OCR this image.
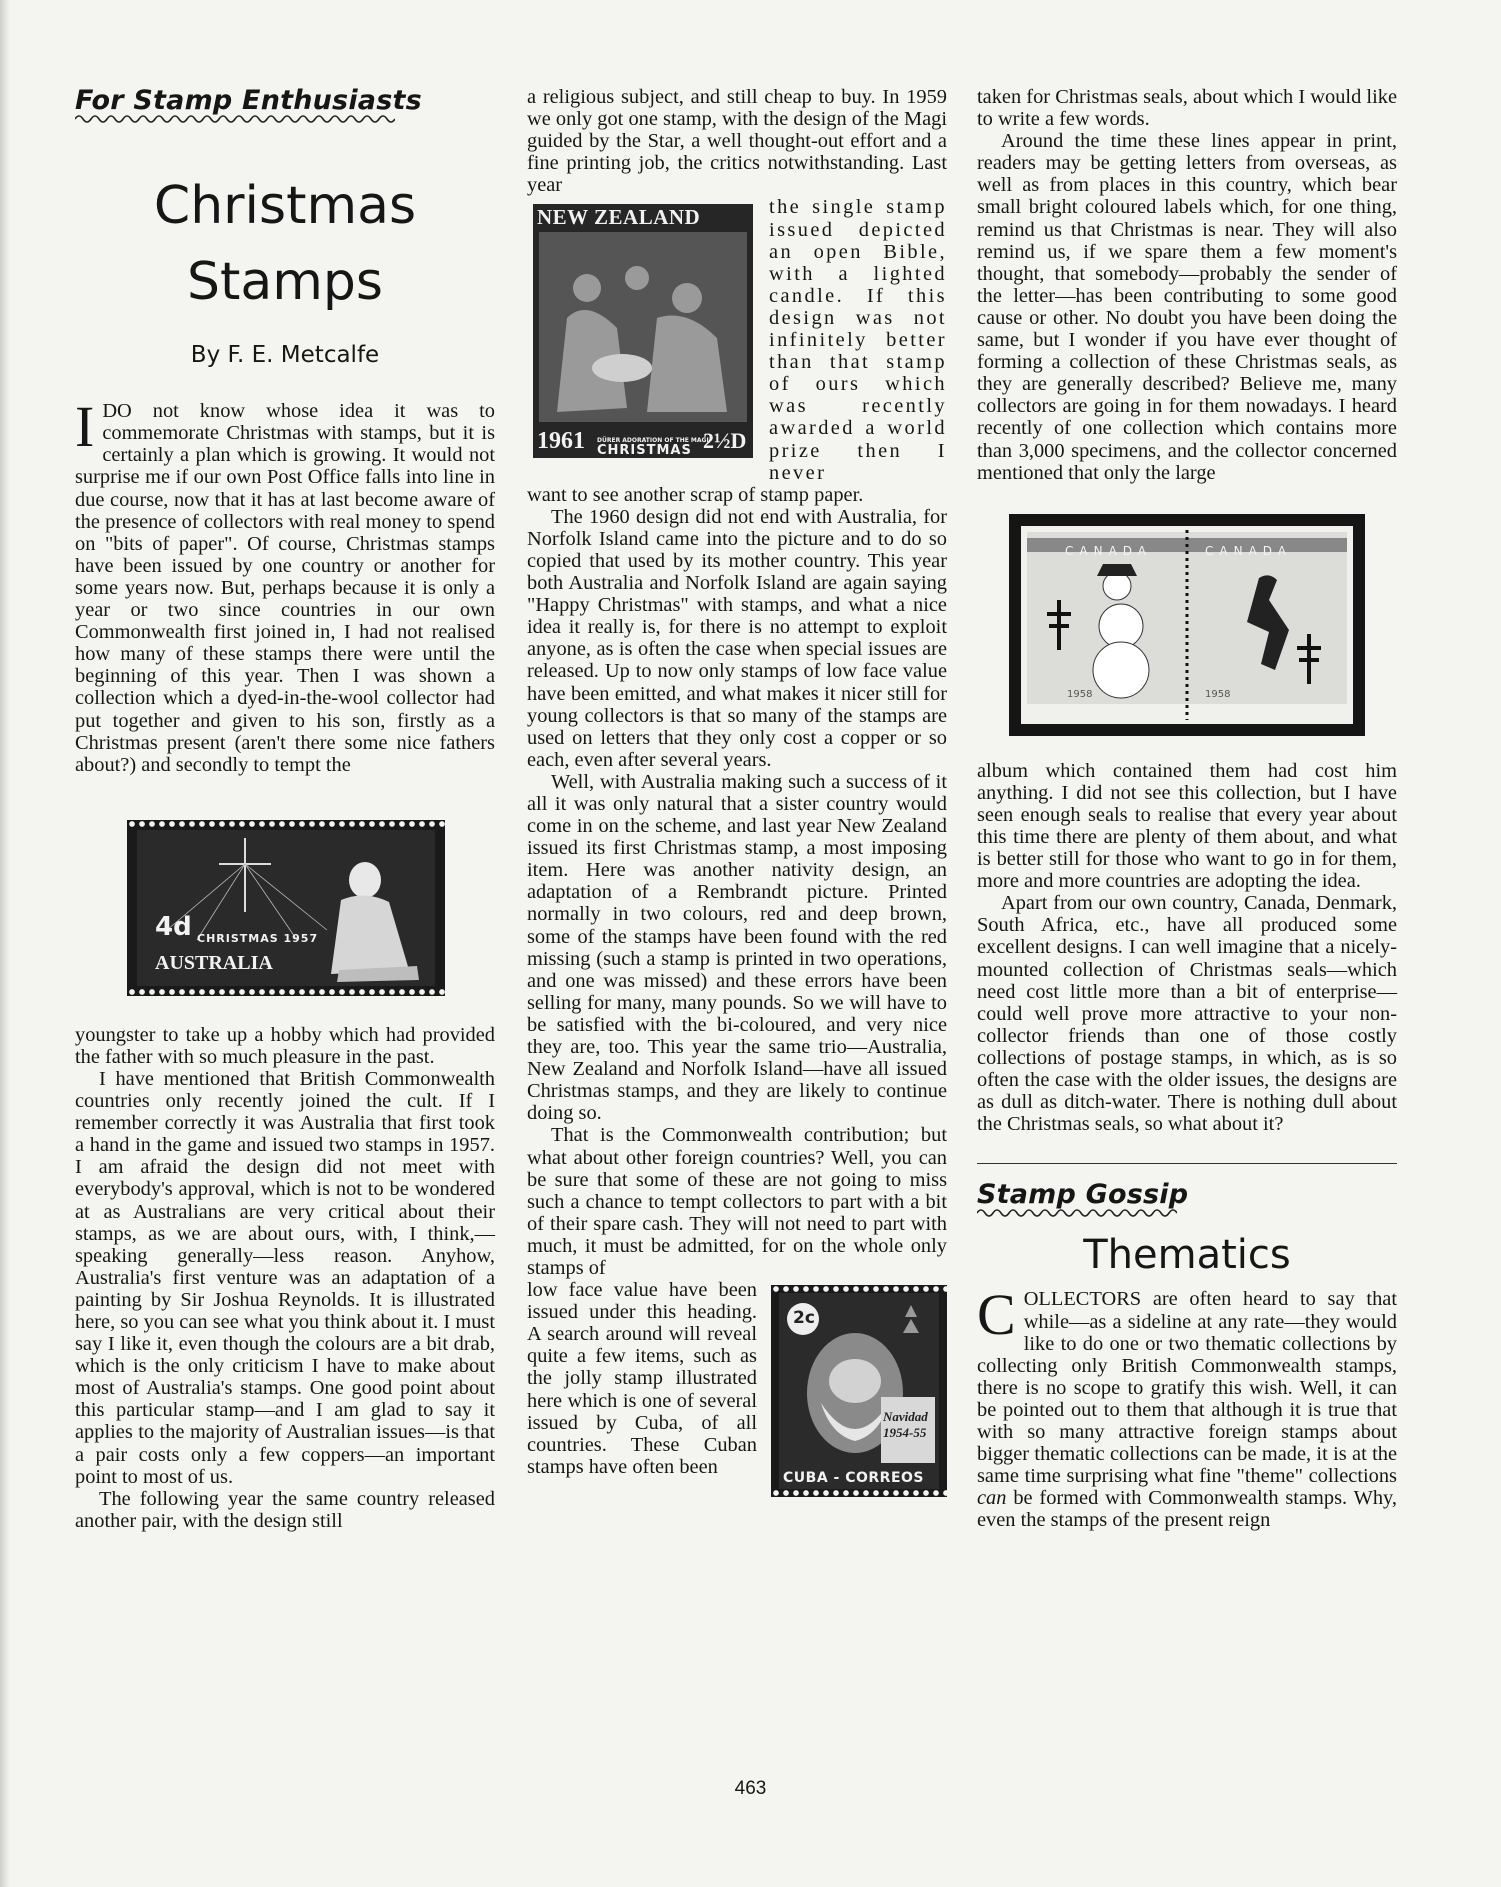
For Stamp Enthusiasts
Christmas
Stamps
By F. E. Metcalfe

IDO not know whose idea it was to commemorate Christmas with stamps, but it is certainly a plan which is growing. It would not surprise me if our own Post Office falls into line in due course, now that it has at last become aware of the presence of collectors with real money to spend on "bits of paper". Of course, Christmas stamps have been issued by one country or another for some years now. But, perhaps because it is only a year or two since countries in our own Commonwealth first joined in, I had not realised how many of these stamps there were until the beginning of this year. Then I was shown a collection which a dyed-in-the-wool collector had put together and given to his son, firstly as a Christmas present (aren't there some nice fathers about?) and secondly to tempt the

4d CHRISTMAS 1957
AUSTRALIA

youngster to take up a hobby which had provided the father with so much pleasure in the past.

I have mentioned that British Commonwealth countries only recently joined the cult. If I remember correctly it was Australia that first took a hand in the game and issued two stamps in 1957. I am afraid the design did not meet with everybody's approval, which is not to be wondered at as Australians are very critical about their stamps, as we are about ours, with, I think,—speaking generally—less reason. Anyhow, Australia's first venture was an adaptation of a painting by Sir Joshua Reynolds. It is illustrated here, so you can see what you think about it. I must say I like it, even though the colours are a bit drab, which is the only criticism I have to make about most of Australia's stamps. One good point about this particular stamp—and I am glad to say it applies to the majority of Australian issues—is that a pair costs only a few coppers—an important point to most of us.

The following year the same country released another pair, with the design still

a religious subject, and still cheap to buy. In 1959 we only got one stamp, with the design of the Magi guided by the Star, a well thought-out effort and a fine printing job, the critics notwithstanding. Last year

NEW ZEALAND
1961 DÜRER ADORATION OF THE MAGI
CHRISTMAS 2½D

the single stamp issued depicted an open Bible, with a lighted candle. If this design was not infinitely better than that stamp of ours which was recently awarded a world prize then I never

want to see another scrap of stamp paper.

The 1960 design did not end with Australia, for Norfolk Island came into the picture and to do so copied that used by its mother country. This year both Australia and Norfolk Island are again saying "Happy Christmas" with stamps, and what a nice idea it really is, for there is no attempt to exploit anyone, as is often the case when special issues are released. Up to now only stamps of low face value have been emitted, and what makes it nicer still for young collectors is that so many of the stamps are used on letters that they only cost a copper or so each, even after several years.

Well, with Australia making such a success of it all it was only natural that a sister country would come in on the scheme, and last year New Zealand issued its first Christmas stamp, a most imposing item. Here was another nativity design, an adaptation of a Rembrandt picture. Printed normally in two colours, red and deep brown, some of the stamps have been found with the red missing (such a stamp is printed in two operations, and one was missed) and these errors have been selling for many, many pounds. So we will have to be satisfied with the bi-coloured, and very nice they are, too. This year the same trio—Australia, New Zealand and Norfolk Island—have all issued Christmas stamps, and they are likely to continue doing so.

That is the Commonwealth contribution; but what about other foreign countries? Well, you can be sure that some of these are not going to miss such a chance to tempt collectors to part with a bit of their spare cash. They will not need to part with much, it must be admitted, for on the whole only stamps of

2c
Navidad 1954-55
CUBA - CORREOS

low face value have been issued under this heading. A search around will reveal quite a few items, such as the jolly stamp illustrated here which is one of several issued by Cuba, of all countries. These Cuban stamps have often been

taken for Christmas seals, about which I would like to write a few words.

Around the time these lines appear in print, readers may be getting letters from overseas, as well as from places in this country, which bear small bright coloured labels which, for one thing, remind us that Christmas is near. They will also remind us, if we spare them a few moment's thought, that somebody—probably the sender of the letter—has been contributing to some good cause or other. No doubt you have been doing the same, but I wonder if you have ever thought of forming a collection of these Christmas seals, as they are generally described? Believe me, many collectors are going in for them nowadays. I heard recently of one collection which contains more than 3,000 specimens, and the collector concerned mentioned that only the large

CANADA	CANADA
1958	1958

album which contained them had cost him anything. I did not see this collection, but I have seen enough seals to realise that every year about this time there are plenty of them about, and what is better still for those who want to go in for them, more and more countries are adopting the idea.

Apart from our own country, Canada, Denmark, South Africa, etc., have all produced some excellent designs. I can well imagine that a nicely-mounted collection of Christmas seals—which need cost little more than a bit of enterprise—could well prove more attractive to your non-collector friends than one of those costly collections of postage stamps, in which, as is so often the case with the older issues, the designs are as dull as ditch-water. There is nothing dull about the Christmas seals, so what about it?

Stamp Gossip
Thematics

COLLECTORS are often heard to say that while—as a sideline at any rate—they would like to do one or two thematic collections by collecting only British Commonwealth stamps, there is no scope to gratify this wish. Well, it can be pointed out to them that although it is true that with so many attractive foreign stamps about bigger thematic collections can be made, it is at the same time surprising what fine "theme" collections can be formed with Commonwealth stamps. Why, even the stamps of the present reign

463
